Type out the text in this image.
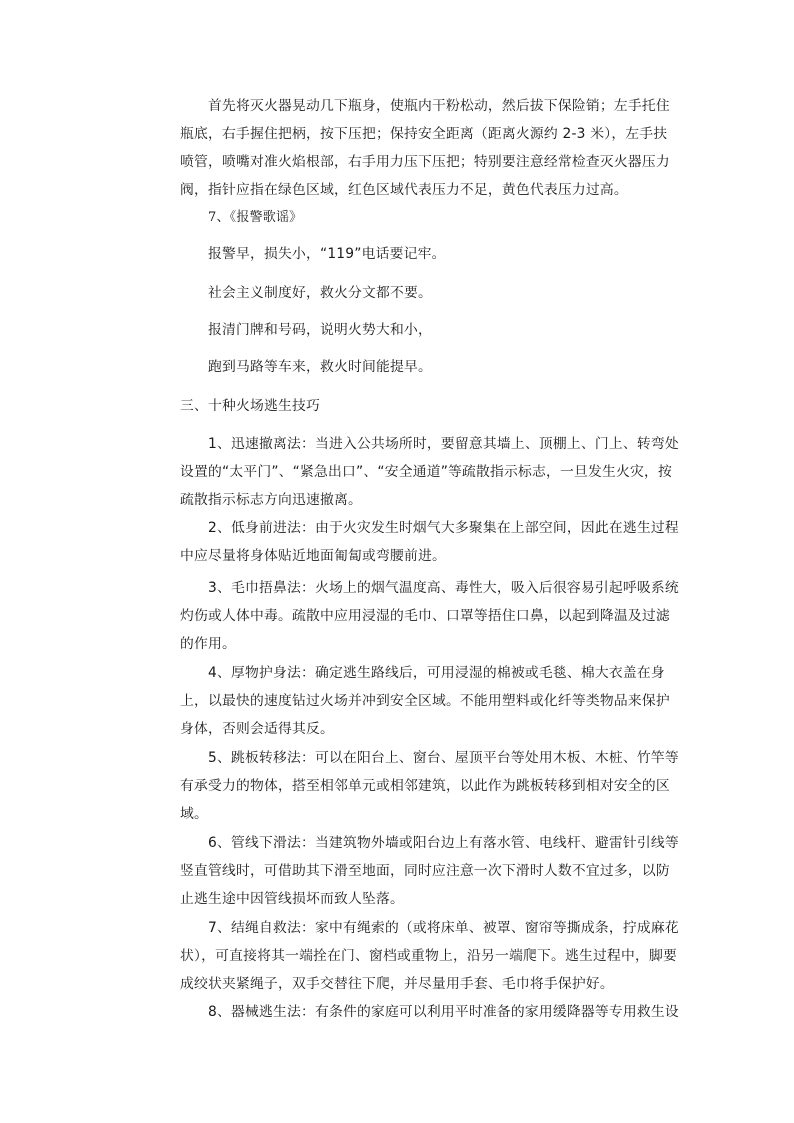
首先将灭火器晃动几下瓶身，使瓶内干粉松动，然后拔下保险销；左手托住瓶底，右手握住把柄，按下压把；保持安全距离（距离火源约 2-3 米），左手扶喷管，喷嘴对准火焰根部，右手用力压下压把；特别要注意经常检查灭火器压力阀，指针应指在绿色区域，红色区域代表压力不足，黄色代表压力过高。

7、《报警歌谣》

报警早，损失小，“119”电话要记牢。

社会主义制度好，救火分文都不要。

报清门牌和号码，说明火势大和小，

跑到马路等车来，救火时间能提早。

三、十种火场逃生技巧

1、迅速撤离法：当进入公共场所时，要留意其墙上、顶棚上、门上、转弯处设置的“太平门”、“紧急出口”、“安全通道”等疏散指示标志，一旦发生火灾，按疏散指示标志方向迅速撤离。

2、低身前进法：由于火灾发生时烟气大多聚集在上部空间，因此在逃生过程中应尽量将身体贴近地面匍匐或弯腰前进。

3、毛巾捂鼻法：火场上的烟气温度高、毒性大，吸入后很容易引起呼吸系统灼伤或人体中毒。疏散中应用浸湿的毛巾、口罩等捂住口鼻，以起到降温及过滤的作用。

4、厚物护身法：确定逃生路线后，可用浸湿的棉被或毛毯、棉大衣盖在身上，以最快的速度钻过火场并冲到安全区域。不能用塑料或化纤等类物品来保护身体，否则会适得其反。

5、跳板转移法：可以在阳台上、窗台、屋顶平台等处用木板、木桩、竹竿等有承受力的物体，搭至相邻单元或相邻建筑，以此作为跳板转移到相对安全的区域。

6、管线下滑法：当建筑物外墙或阳台边上有落水管、电线杆、避雷针引线等竖直管线时，可借助其下滑至地面，同时应注意一次下滑时人数不宜过多，以防止逃生途中因管线损坏而致人坠落。

7、结绳自救法：家中有绳索的（或将床单、被罩、窗帘等撕成条，拧成麻花状），可直接将其一端拴在门、窗档或重物上，沿另一端爬下。逃生过程中，脚要成绞状夹紧绳子，双手交替往下爬，并尽量用手套、毛巾将手保护好。

8、器械逃生法：有条件的家庭可以利用平时准备的家用缓降器等专用救生设
